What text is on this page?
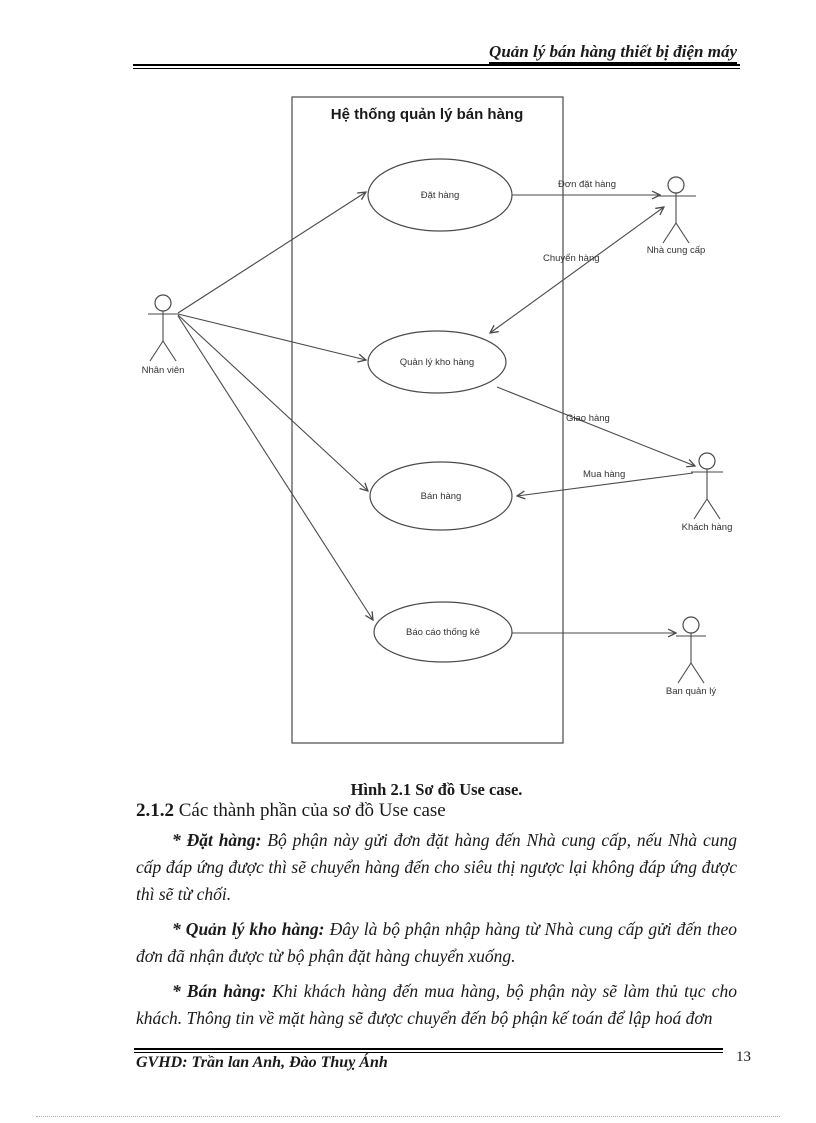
Quản lý bán hàng thiết bị điện máy
Hệ thống quản lý bán hàng
Đơn đặt hàng
Chuyển hàng
Giao hàng
Mua hàng
Đặt hàng
Quản lý kho hàng
Bán hàng
Báo cáo thống kê
Nhân viên
Nhà cung cấp
Khách hàng
Ban quản lý
Hình 2.1 Sơ đồ Use case.
2.1.2 Các thành phần của sơ đồ Use case

* Đặt hàng: Bộ phận này gửi đơn đặt hàng đến Nhà cung cấp, nếu Nhà cung cấp đáp ứng được thì sẽ chuyển hàng đến cho siêu thị ngược lại không đáp ứng được thì sẽ từ chối.

* Quản lý kho hàng: Đây là bộ phận nhập hàng từ Nhà cung cấp gửi đến theo đơn đã nhận được từ bộ phận đặt hàng chuyển xuống.

* Bán hàng: Khi khách hàng đến mua hàng, bộ phận này sẽ làm thủ tục cho khách. Thông tin về mặt hàng sẽ được chuyển đến bộ phận kế toán để lập hoá đơn

GVHD: Trần lan Anh, Đào Thuỵ Ánh	13
